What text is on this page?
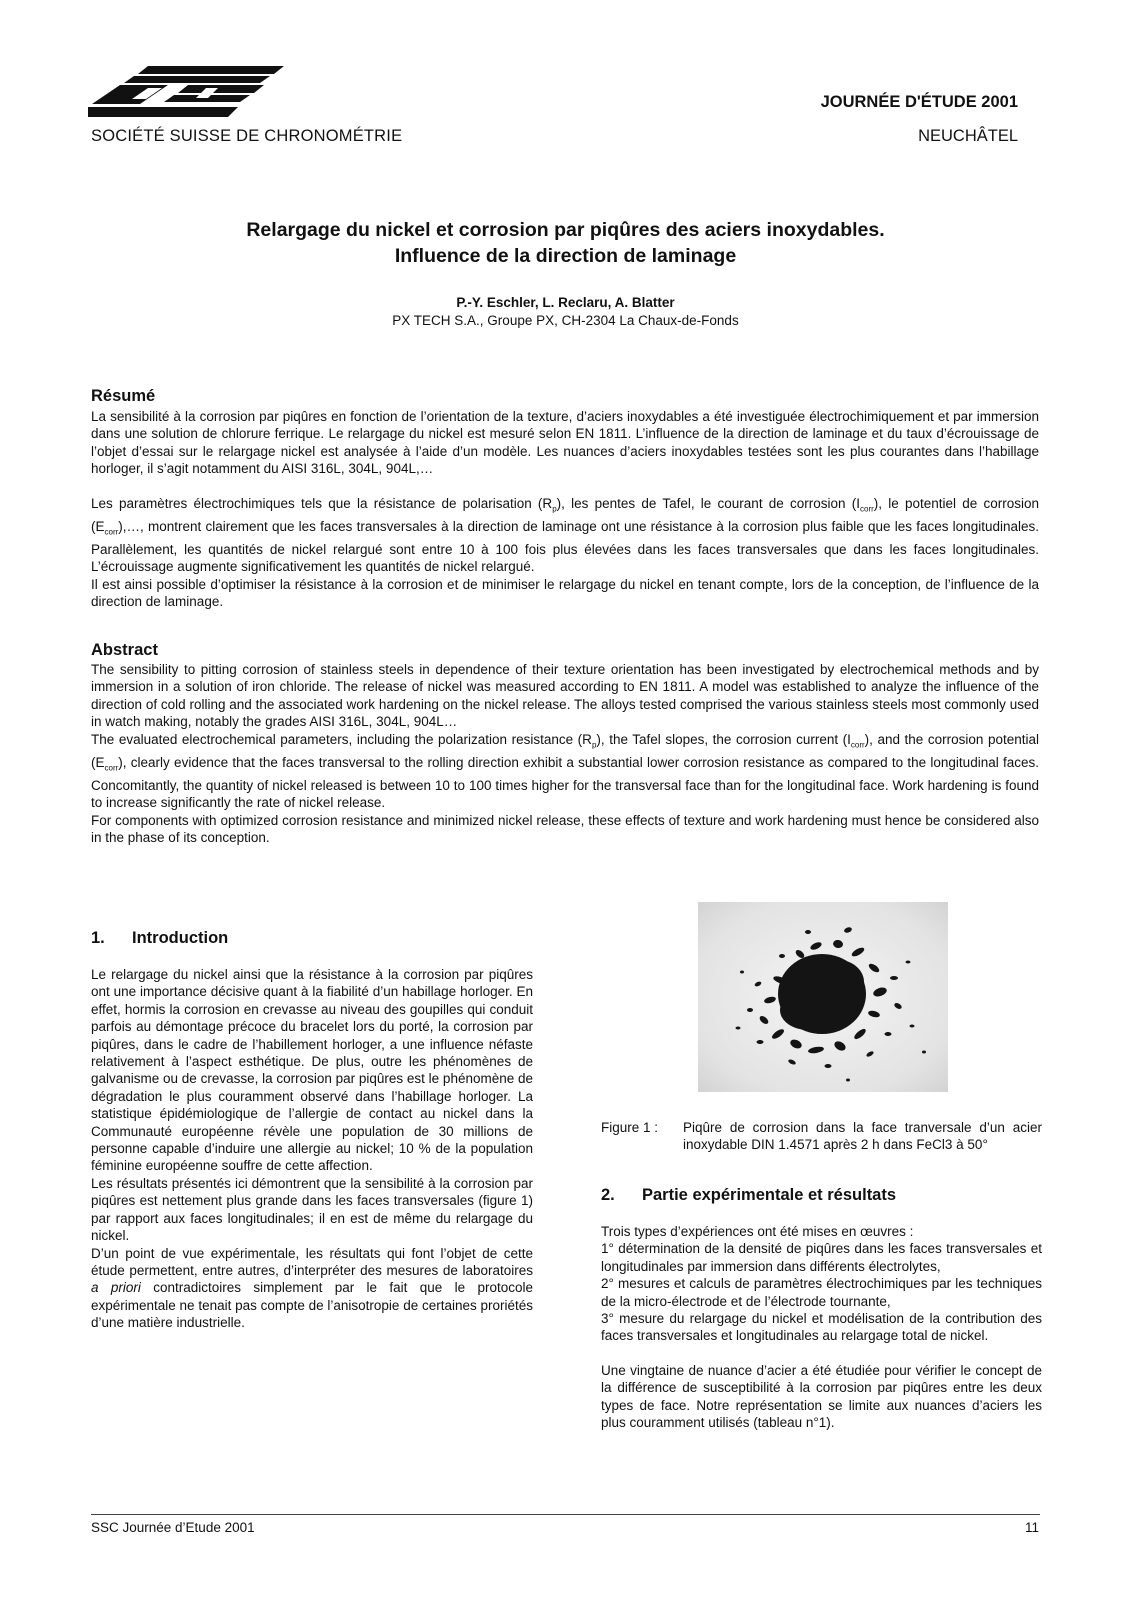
SOCIÉTÉ SUISSE DE CHRONOMÉTRIE
JOURNÉE D'ÉTUDE 2001
NEUCHÂTEL
Relargage du nickel et corrosion par piqûres des aciers inoxydables.
Influence de la direction de laminage
P.-Y. Eschler, L. Reclaru, A. Blatter
PX TECH S.A., Groupe PX, CH-2304 La Chaux-de-Fonds
Résumé

La sensibilité à la corrosion par piqûres en fonction de l’orientation de la texture, d’aciers inoxydables a été investiguée électrochimiquement et par immersion dans une solution de chlorure ferrique. Le relargage du nickel est mesuré selon EN 1811. L’influence de la direction de laminage et du taux d’écrouissage de l’objet d’essai sur le relargage nickel est analysée à l’aide d’un modèle. Les nuances d’aciers inoxydables testées sont les plus courantes dans l’habillage horloger, il s’agit notamment du AISI 316L, 304L, 904L,…

Les paramètres électrochimiques tels que la résistance de polarisation $(R_p)$, les pentes de Tafel, le courant de corrosion $(I_{corr})$, le potentiel de corrosion $(E_{corr}),\dots$, montrent clairement que les faces transversales à la direction de laminage ont une résistance à la corrosion plus faible que les faces longitudinales. Parallèlement, les quantités de nickel relargué sont entre 10 à 100 fois plus élevées dans les faces transversales que dans les faces longitudinales. L’écrouissage augmente significativement les quantités de nickel relargué.

Il est ainsi possible d’optimiser la résistance à la corrosion et de minimiser le relargage du nickel en tenant compte, lors de la conception, de l’influence de la direction de laminage.

Abstract

The sensibility to pitting corrosion of stainless steels in dependence of their texture orientation has been investigated by electrochemical methods and by immersion in a solution of iron chloride. The release of nickel was measured according to EN 1811. A model was established to analyze the influence of the direction of cold rolling and the associated work hardening on the nickel release. The alloys tested comprised the various stainless steels most commonly used in watch making, notably the grades AISI 316L, 304L, 904L…

The evaluated electrochemical parameters, including the polarization resistance $(R_p)$, the Tafel slopes, the corrosion current $(I_{corr})$, and the corrosion potential $(E_{corr})$, clearly evidence that the faces transversal to the rolling direction exhibit a substantial lower corrosion resistance as compared to the longitudinal faces. Concomitantly, the quantity of nickel released is between 10 to 100 times higher for the transversal face than for the longitudinal face. Work hardening is found to increase significantly the rate of nickel release.

For components with optimized corrosion resistance and minimized nickel release, these effects of texture and work hardening must hence be considered also in the phase of its conception.

1. Introduction

Le relargage du nickel ainsi que la résistance à la corrosion par piqûres ont une importance décisive quant à la fiabilité d’un habillage horloger. En effet, hormis la corrosion en crevasse au niveau des goupilles qui conduit parfois au démontage précoce du bracelet lors du porté, la corrosion par piqûres, dans le cadre de l’habillement horloger, a une influence néfaste relativement à l’aspect esthétique. De plus, outre les phénomènes de galvanisme ou de crevasse, la corrosion par piqûres est le phénomène de dégradation le plus couramment observé dans l’habillage horloger. La statistique épidémiologique de l’allergie de contact au nickel dans la Communauté européenne révèle une population de 30 millions de personne capable d’induire une allergie au nickel; 10 % de la population féminine européenne souffre de cette affection.

Les résultats présentés ici démontrent que la sensibilité à la corrosion par piqûres est nettement plus grande dans les faces transversales (figure 1) par rapport aux faces longitudinales; il en est de même du relargage du nickel.

D’un point de vue expérimentale, les résultats qui font l’objet de cette étude permettent, entre autres, d’interpréter des mesures de laboratoires a priori contradictoires simplement par le fait que le protocole expérimentale ne tenait pas compte de l’anisotropie de certaines proriétés d’une matière industrielle.

Figure 1 : Piqûre de corrosion dans la face tranversale d’un acier inoxydable DIN 1.4571 après 2 h dans FeCl3 à 50°
2. Partie expérimentale et résultats

Trois types d’expériences ont été mises en œuvres :

1° détermination de la densité de piqûres dans les faces transversales et longitudinales par immersion dans différents électrolytes,

2° mesures et calculs de paramètres électrochimiques par les techniques de la micro-électrode et de l’électrode tournante,

3° mesure du relargage du nickel et modélisation de la contribution des faces transversales et longitudinales au relargage total de nickel.

Une vingtaine de nuance d’acier a été étudiée pour vérifier le concept de la différence de susceptibilité à la corrosion par piqûres entre les deux types de face. Notre représentation se limite aux nuances d’aciers les plus couramment utilisés (tableau n°1).

SSC Journée d’Etude 2001	11
